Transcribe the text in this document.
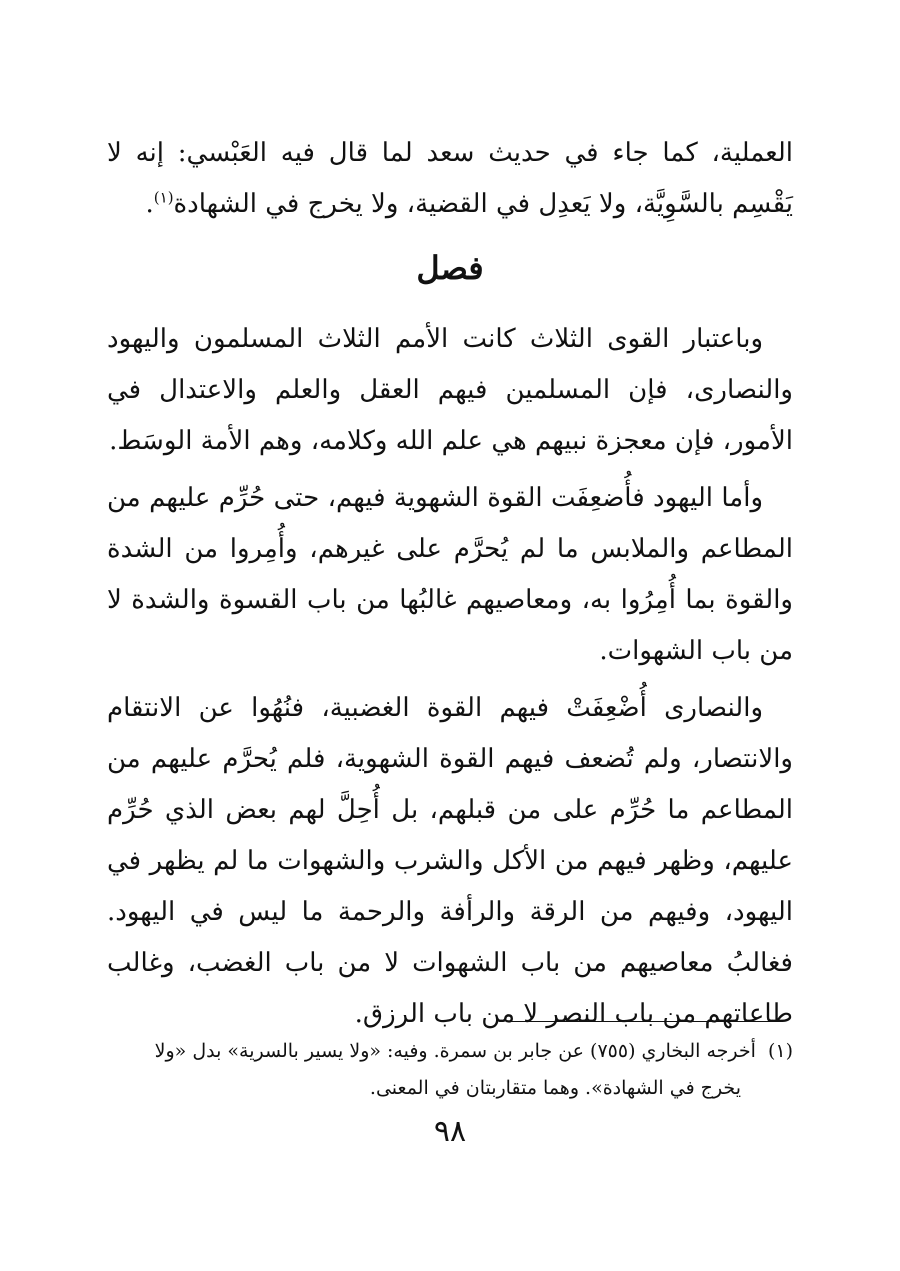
العملية، كما جاء في حديث سعد لما قال فيه العَبْسي: إنه لا يَقْسِم بالسَّوِيَّة، ولا يَعدِل في القضية، ولا يخرج في الشهادة$^{(١)}$.

فصل

وباعتبار القوى الثلاث كانت الأمم الثلاث المسلمون واليهود والنصارى، فإن المسلمين فيهم العقل والعلم والاعتدال في الأمور، فإن معجزة نبيهم هي علم الله وكلامه، وهم الأمة الوسَط.

وأما اليهود فأُضعِفَت القوة الشهوية فيهم، حتى حُرِّم عليهم من المطاعم والملابس ما لم يُحرَّم على غيرهم، وأُمِروا من الشدة والقوة بما أُمِرُوا به، ومعاصيهم غالبُها من باب القسوة والشدة لا من باب الشهوات.

والنصارى أُضْعِفَتْ فيهم القوة الغضبية، فنُهُوا عن الانتقام والانتصار، ولم تُضعف فيهم القوة الشهوية، فلم يُحرَّم عليهم من المطاعم ما حُرِّم على من قبلهم، بل أُحِلَّ لهم بعض الذي حُرِّم عليهم، وظهر فيهم من الأكل والشرب والشهوات ما لم يظهر في اليهود، وفيهم من الرقة والرأفة والرحمة ما ليس في اليهود. فغالبُ معاصيهم من باب الشهوات لا من باب الغضب، وغالب طاعاتهم من باب النصر لا من باب الرزق.

(١)أخرجه البخاري (٧٥٥) عن جابر بن سمرة. وفيه: «ولا يسير بالسرية» بدل «ولا
يخرج في الشهادة». وهما متقاربتان في المعنى.
٩٨
